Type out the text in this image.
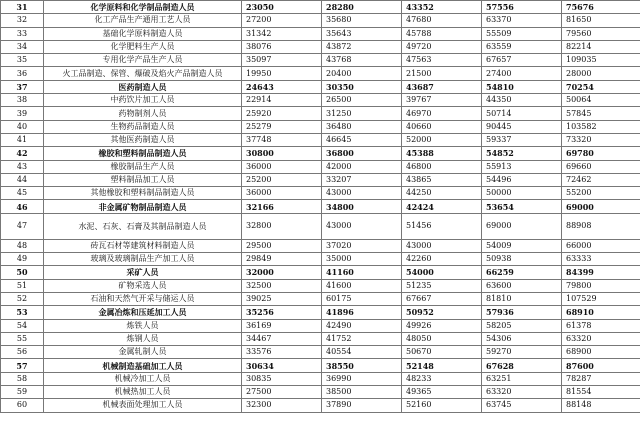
31	化学原料和化学制品制造人员	23050	28280	43352	57556	75676
32	化工产品生产通用工艺人员	27200	35680	47680	63370	81650
33	基础化学原料制造人员	31342	35643	45788	55509	79560
34	化学肥料生产人员	38076	43872	49720	63559	82214
35	专用化学产品生产人员	35097	43768	47563	67657	109035
36	火工品制造、保管、爆破及焰火产品制造人员	19950	20400	21500	27400	28000
37	医药制造人员	24643	30350	43687	54810	70254
38	中药饮片加工人员	22914	26500	39767	44350	50064
39	药物制剂人员	25920	31250	46970	50714	57845
40	生物药品制造人员	25279	36480	40660	90445	103582
41	其他医药制造人员	37748	46645	52000	59337	73320
42	橡胶和塑料制品制造人员	30800	36800	45388	54852	69780
43	橡胶制品生产人员	36000	42000	46800	55913	69660
44	塑料制品加工人员	25200	33207	43865	54496	72462
45	其他橡胶和塑料制品制造人员	36000	43000	44250	50000	55200
46	非金属矿物制品制造人员	32166	34800	42424	53654	69000
47	水泥、石灰、石膏及其制品制造人员	32800	43000	51456	69000	88908
48	砖瓦石材等建筑材料制造人员	29500	37020	43000	54009	66000
49	玻璃及玻璃制品生产加工人员	29849	35000	42260	50938	63333
50	采矿人员	32000	41160	54000	66259	84399
51	矿物采选人员	32500	41600	51235	63600	79800
52	石油和天然气开采与储运人员	39025	60175	67667	81810	107529
53	金属冶炼和压延加工人员	35256	41896	50952	57936	68910
54	炼铁人员	36169	42490	49926	58205	61378
55	炼钢人员	34467	41752	48050	54306	63320
56	金属轧制人员	33576	40554	50670	59270	68900
57	机械制造基础加工人员	30634	38550	52148	67628	87600
58	机械冷加工人员	30835	36990	48233	63251	78287
59	机械热加工人员	27500	38500	49365	63320	81554
60	机械表面处理加工人员	32300	37890	52160	63745	88148
